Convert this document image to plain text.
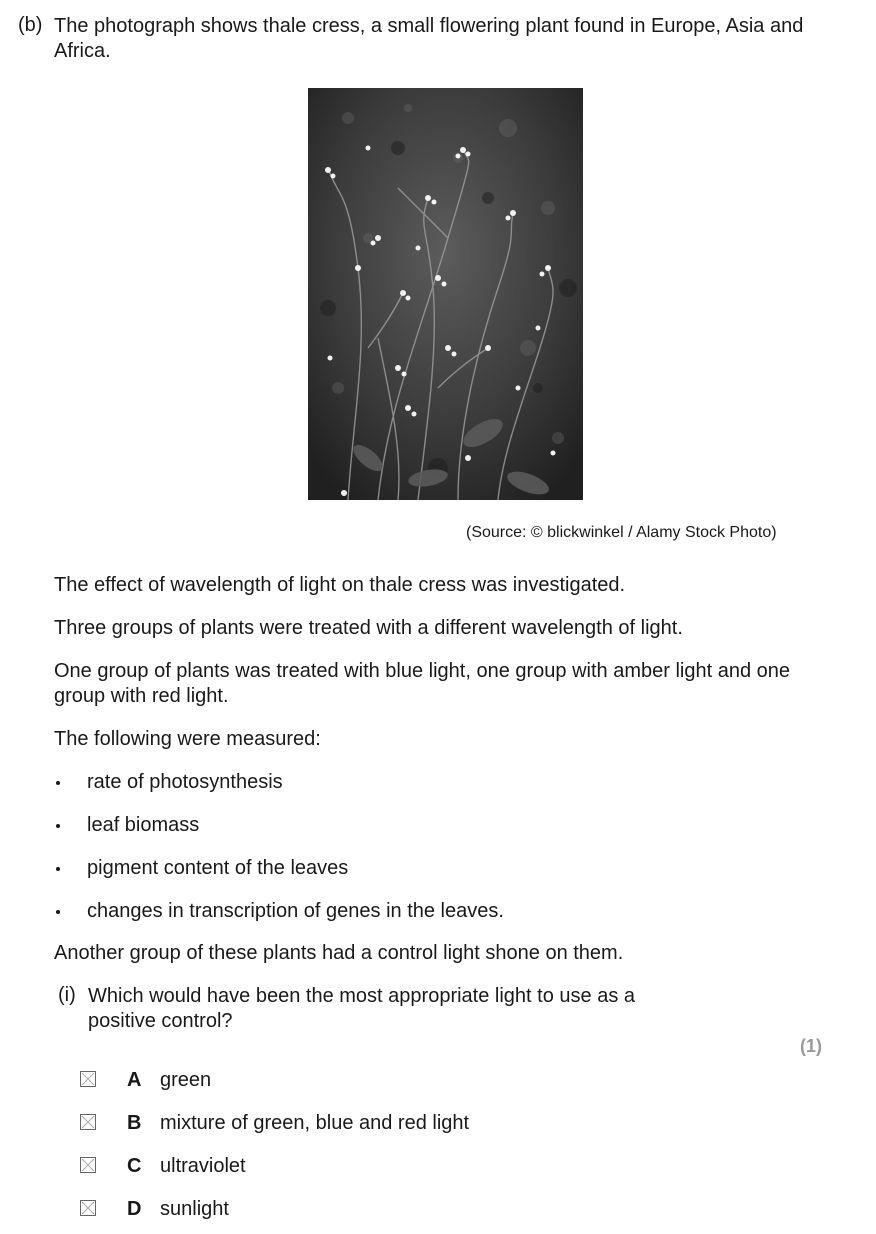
(b) The photograph shows thale cress, a small flowering plant found in Europe, Asia and Africa.
(Source: © blickwinkel / Alamy Stock Photo)
The effect of wavelength of light on thale cress was investigated.
Three groups of plants were treated with a different wavelength of light.
One group of plants was treated with blue light, one group with amber light and one group with red light.
The following were measured:
rate of photosynthesis
leaf biomass
pigment content of the leaves
changes in transcription of genes in the leaves.
Another group of these plants had a control light shone on them.
(i) Which would have been the most appropriate light to use as a positive control?
(1)
A green
B mixture of green, blue and red light
C ultraviolet
D sunlight
